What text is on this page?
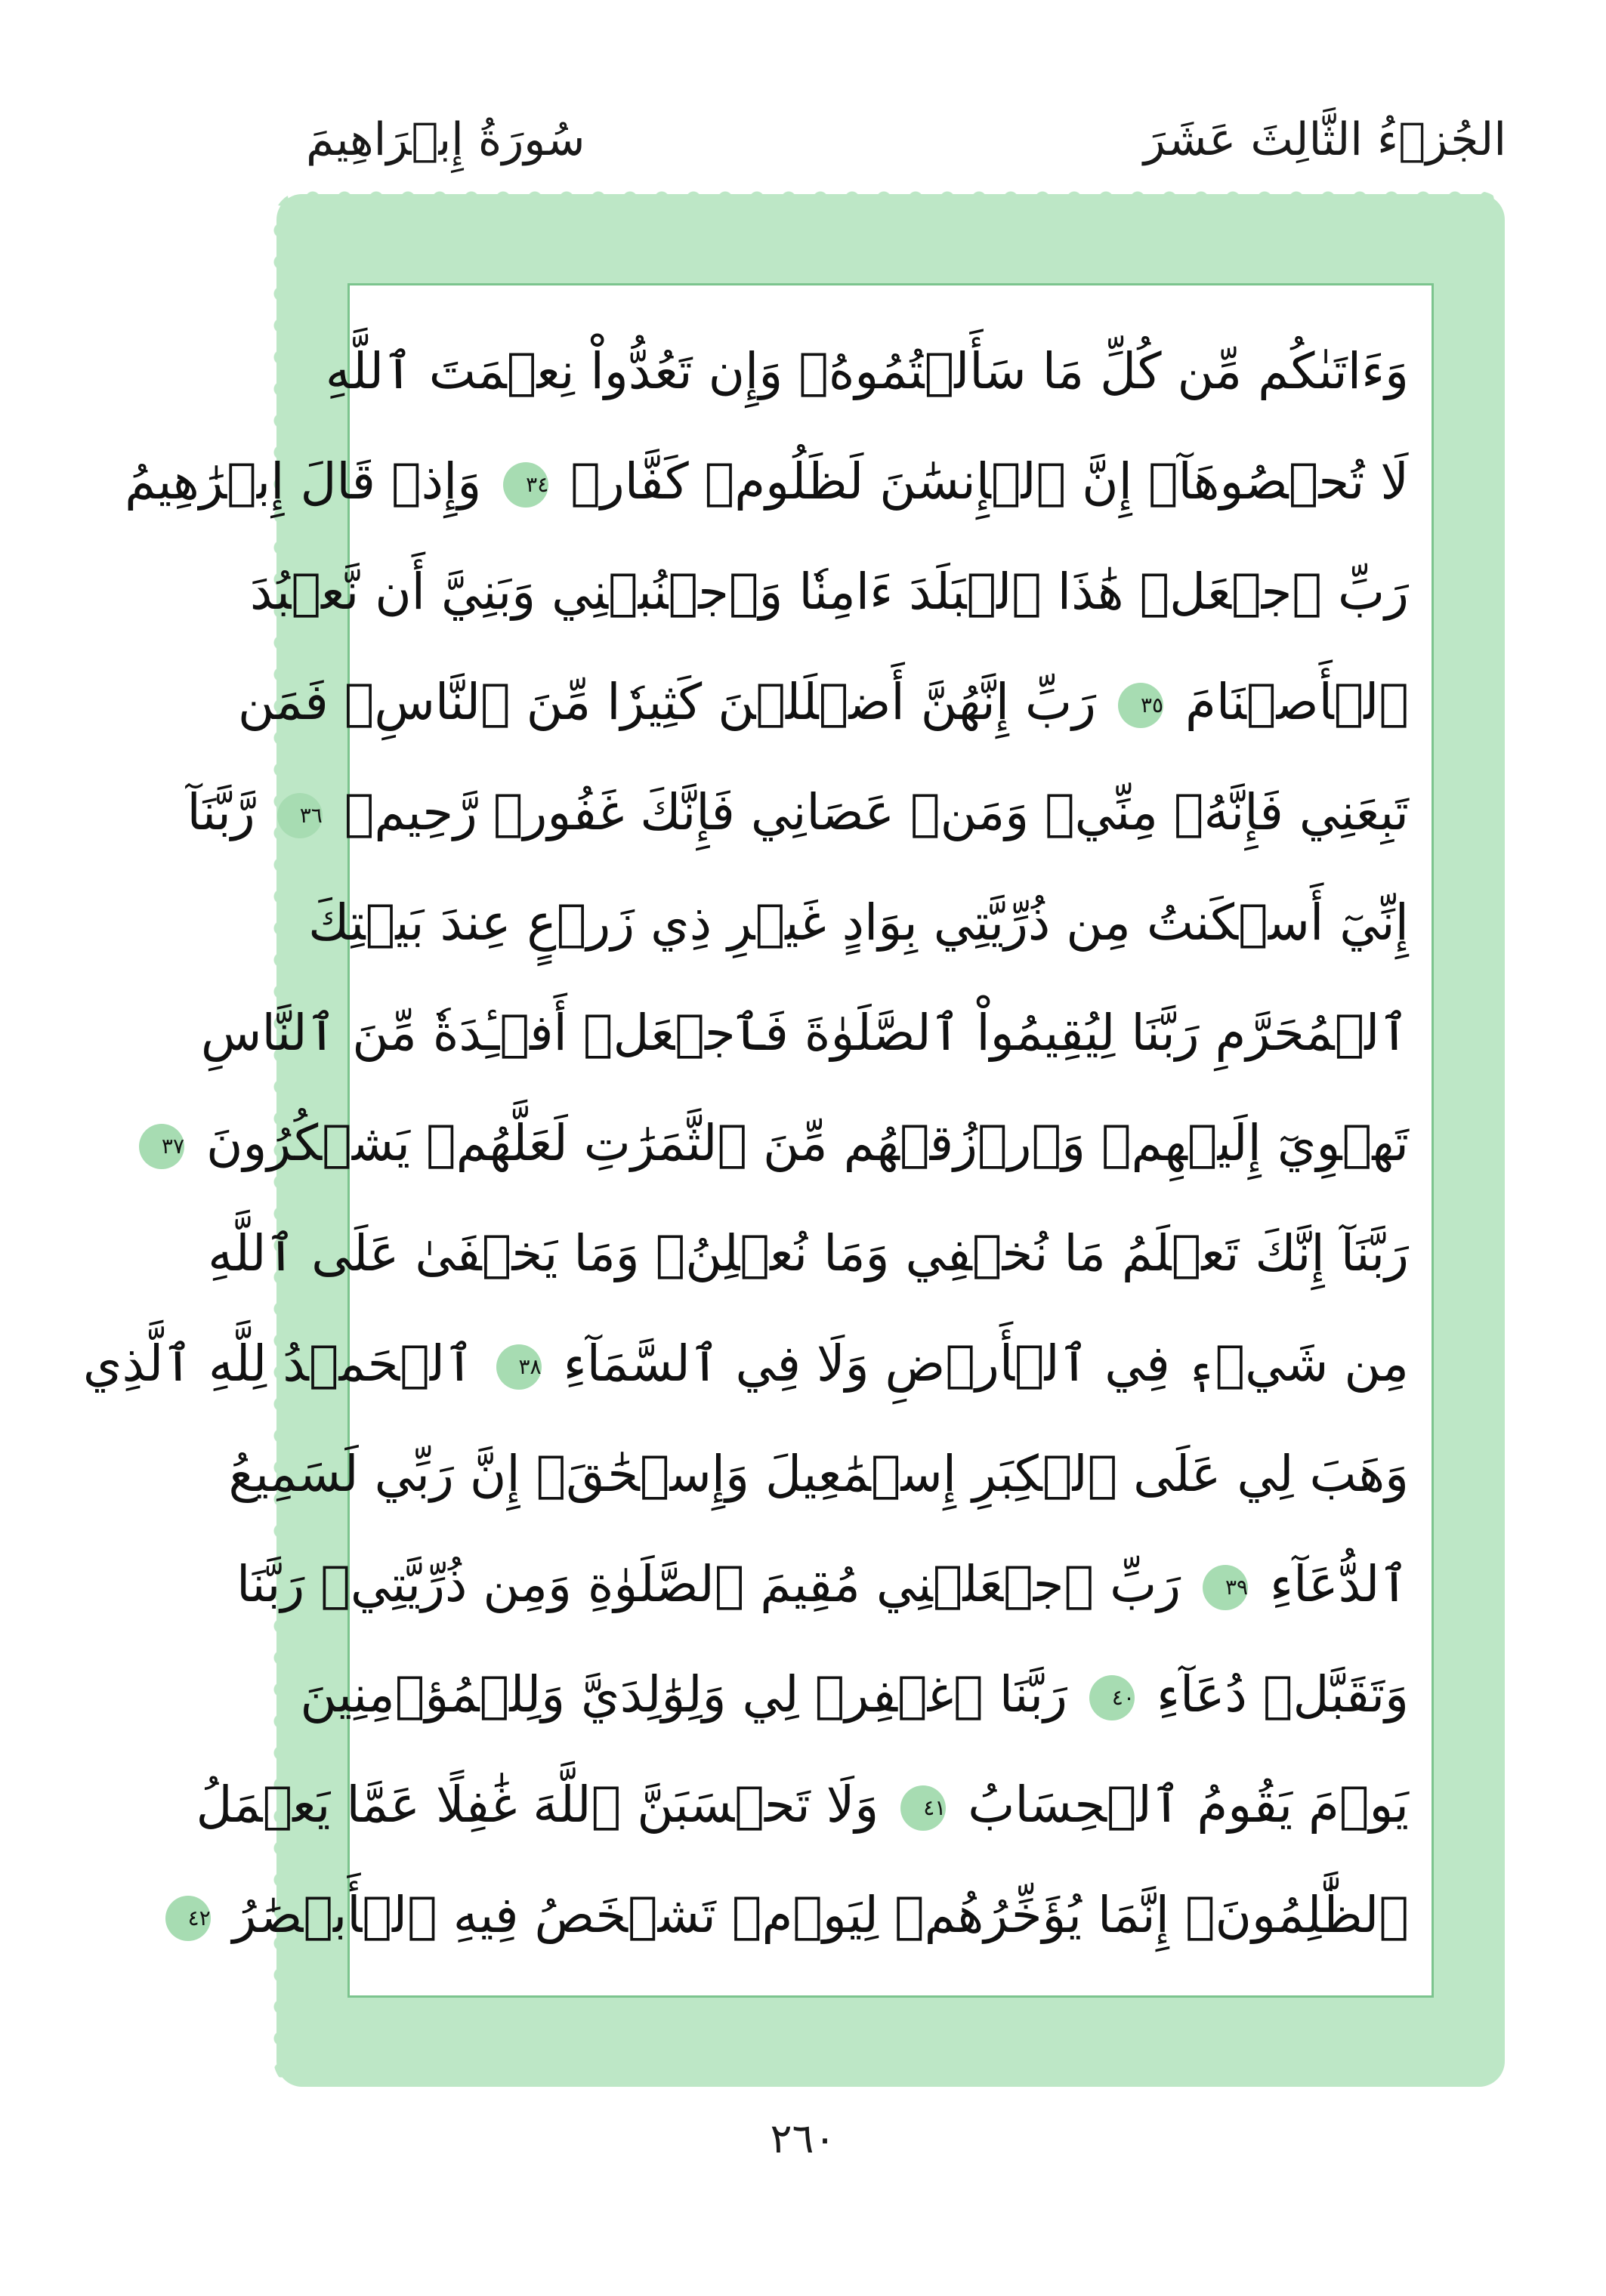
سُورَةُ إِبۡرَاهِيمَ	الجُزۡءُ الثَّالِثَ عَشَرَ
وَءَاتَىٰكُم مِّن كُلِّ مَا سَأَلۡتُمُوهُۚ وَإِن تَعُدُّواْ نِعۡمَتَ ٱللَّهِ
لَا تُحۡصُوهَآۗ إِنَّ ٱلۡإِنسَٰنَ لَظَلُومٞ كَفَّارٞ ٣٤ وَإِذۡ قَالَ إِبۡرَٰهِيمُ
رَبِّ ٱجۡعَلۡ هَٰذَا ٱلۡبَلَدَ ءَامِنٗا وَٱجۡنُبۡنِي وَبَنِيَّ أَن نَّعۡبُدَ
ٱلۡأَصۡنَامَ ٣٥ رَبِّ إِنَّهُنَّ أَضۡلَلۡنَ كَثِيرٗا مِّنَ ٱلنَّاسِۖ فَمَن
تَبِعَنِي فَإِنَّهُۥ مِنِّيۖ وَمَنۡ عَصَانِي فَإِنَّكَ غَفُورٞ رَّحِيمٞ ٣٦ رَّبَّنَآ
إِنِّيٓ أَسۡكَنتُ مِن ذُرِّيَّتِي بِوَادٍ غَيۡرِ ذِي زَرۡعٍ عِندَ بَيۡتِكَ
ٱلۡمُحَرَّمِ رَبَّنَا لِيُقِيمُواْ ٱلصَّلَوٰةَ فَٱجۡعَلۡ أَفۡـِٔدَةٗ مِّنَ ٱلنَّاسِ
تَهۡوِيٓ إِلَيۡهِمۡ وَٱرۡزُقۡهُم مِّنَ ٱلثَّمَرَٰتِ لَعَلَّهُمۡ يَشۡكُرُونَ ٣٧
رَبَّنَآ إِنَّكَ تَعۡلَمُ مَا نُخۡفِي وَمَا نُعۡلِنُۗ وَمَا يَخۡفَىٰ عَلَى ٱللَّهِ
مِن شَيۡءٖ فِي ٱلۡأَرۡضِ وَلَا فِي ٱلسَّمَآءِ ٣٨ ٱلۡحَمۡدُ لِلَّهِ ٱلَّذِي
وَهَبَ لِي عَلَى ٱلۡكِبَرِ إِسۡمَٰعِيلَ وَإِسۡحَٰقَۚ إِنَّ رَبِّي لَسَمِيعُ
ٱلدُّعَآءِ ٣٩ رَبِّ ٱجۡعَلۡنِي مُقِيمَ ٱلصَّلَوٰةِ وَمِن ذُرِّيَّتِيۚ رَبَّنَا
وَتَقَبَّلۡ دُعَآءِ ٤٠ رَبَّنَا ٱغۡفِرۡ لِي وَلِوَٰلِدَيَّ وَلِلۡمُؤۡمِنِينَ
يَوۡمَ يَقُومُ ٱلۡحِسَابُ ٤١ وَلَا تَحۡسَبَنَّ ٱللَّهَ غَٰفِلًا عَمَّا يَعۡمَلُ
ٱلظَّٰلِمُونَۚ إِنَّمَا يُؤَخِّرُهُمۡ لِيَوۡمٖ تَشۡخَصُ فِيهِ ٱلۡأَبۡصَٰرُ ٤٢
٢٦٠
